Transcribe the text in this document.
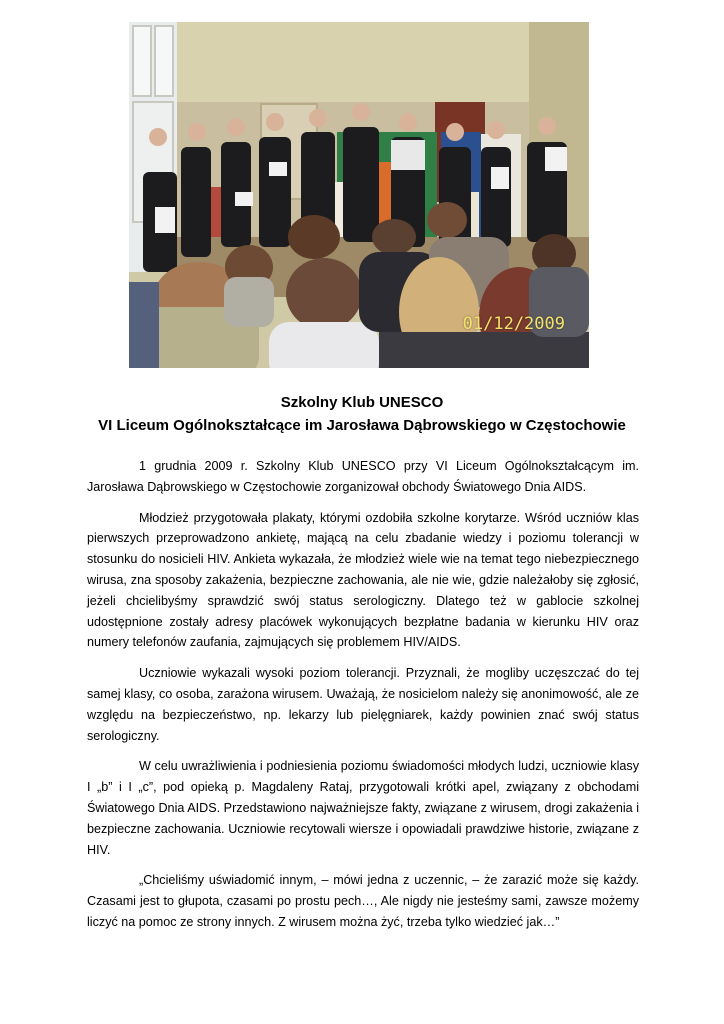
01/12/2009
Szkolny Klub UNESCO
VI Liceum Ogólnokształcące im Jarosława Dąbrowskiego w Częstochowie

1 grudnia 2009 r. Szkolny Klub UNESCO przy VI Liceum Ogólnokształcącym im. Jarosława Dąbrowskiego w Częstochowie zorganizował obchody Światowego Dnia AIDS.

Młodzież przygotowała plakaty, którymi ozdobiła szkolne korytarze. Wśród uczniów klas pierwszych przeprowadzono ankietę, mającą na celu zbadanie wiedzy i poziomu tolerancji w stosunku do nosicieli HIV. Ankieta wykazała, że młodzież wiele wie na temat tego niebezpiecznego wirusa, zna sposoby zakażenia, bezpieczne zachowania, ale nie wie, gdzie należałoby się zgłosić, jeżeli chcielibyśmy sprawdzić swój status serologiczny. Dlatego też w gablocie szkolnej udostępnione zostały adresy placówek wykonujących bezpłatne badania w kierunku HIV oraz numery telefonów zaufania, zajmujących się problemem HIV/AIDS.

Uczniowie wykazali wysoki poziom tolerancji. Przyznali, że mogliby uczęszczać do tej samej klasy, co osoba, zarażona wirusem. Uważają, że nosicielom należy się anonimowość, ale ze względu na bezpieczeństwo, np. lekarzy lub pielęgniarek, każdy powinien znać swój status serologiczny.

W celu uwrażliwienia i podniesienia poziomu świadomości młodych ludzi, uczniowie klasy I „b” i I „c”, pod opieką p. Magdaleny Rataj, przygotowali krótki apel, związany z obchodami Światowego Dnia AIDS. Przedstawiono najważniejsze fakty, związane z wirusem, drogi zakażenia i bezpieczne zachowania. Uczniowie recytowali wiersze i opowiadali prawdziwe historie, związane z HIV.

„Chcieliśmy uświadomić innym, – mówi jedna z uczennic, – że zarazić może się każdy. Czasami jest to głupota, czasami po prostu pech…, Ale nigdy nie jesteśmy sami, zawsze możemy liczyć na pomoc ze strony innych. Z wirusem można żyć, trzeba tylko wiedzieć jak…”
